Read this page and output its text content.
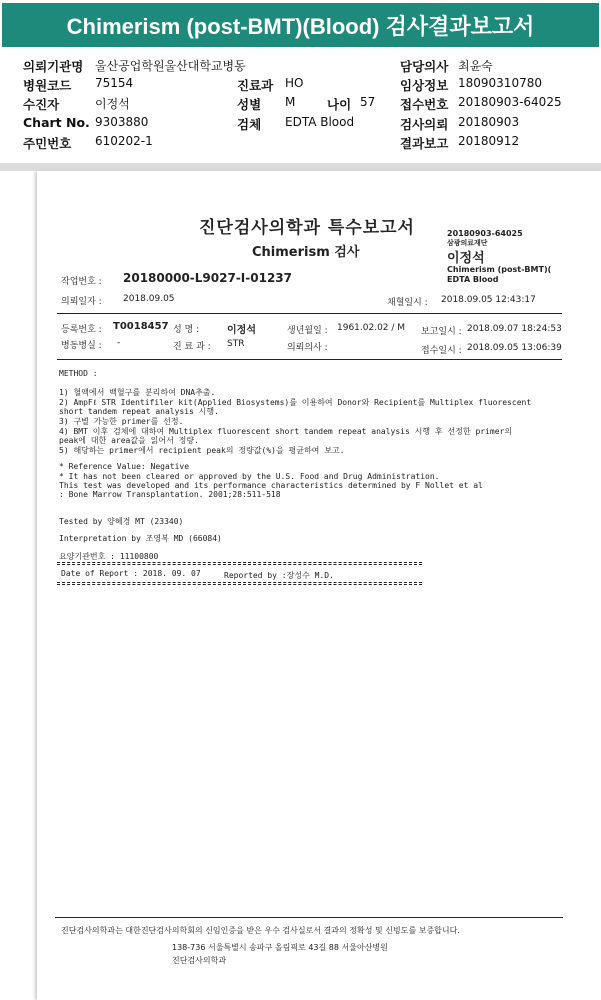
Chimerism (post-BMT)(Blood) 검사결과보고서
의뢰기관명 울산공업학원울산대학교병동	담당의사 최윤숙
병원코드 75154	진료과 HO	임상정보 18090310780
수진자	이정석	성별 M	나이 57 접수번호 20180903-64025
Chart No. 9303880	검체 EDTA Blood	검사의뢰 20180903
주민번호 610202-1	결과보고 20180912
진단검사의학과 특수보고서
Chimerism 검사
20180903-64025
삼광의료재단
이정석
Chimerism (post-BMT)(
EDTA Blood
작업번호 : 20180000-L9027-I-01237
의뢰일자 : 2018.09.05	채혈일시 : 2018.09.05 12:43:17
등록번호 : T0018457 성 명 :	이정석	생년월일 : 1961.02.02 / M 보고일시 : 2018.09.07 18:24:53
병동병실 : -	진 료 과 : STR	의뢰의사 :	접수일시 : 2018.09.05 13:06:39
METHOD :
1) 혈액에서 백혈구를 분리하여 DNA추출.
2) AmpFℓ STR Identifiler kit(Applied Biosystems)를 이용하여 Donor와 Recipient를 Multiplex fluorescent
short tandem repeat analysis 시행.
3) 구별 가능한 primer를 선정.
4) BMT 이후 검체에 대하여 Multiplex fluorescent short tandem repeat analysis 시행 후 선정한 primer의
peak에 대한 area값을 읽어서 정량.
5) 해당하는 primer에서 recipient peak의 정량값(%)을 평균하여 보고.
* Reference Value: Negative
* It has not been cleared or approved by the U.S. Food and Drug Administration.
This test was developed and its performance characteristics determined by F Nollet et al
: Bone Marrow Transplantation. 2001;28:511-518
Tested by 양혜경 MT (23340)
Interpretation by 조영복 MD (66084)
요양기관번호 : 11100800
Date of Report : 2018. 09. 07	Reported by :장성수 M.D.
진단검사의학과는 대한진단검사의학회의 신임인증을 받은 우수 검사실로서 결과의 정확성 및 신빙도를 보증합니다.
138-736 서울특별시 송파구 올림픽로 43길 88 서울아산병원
진단검사의학과
